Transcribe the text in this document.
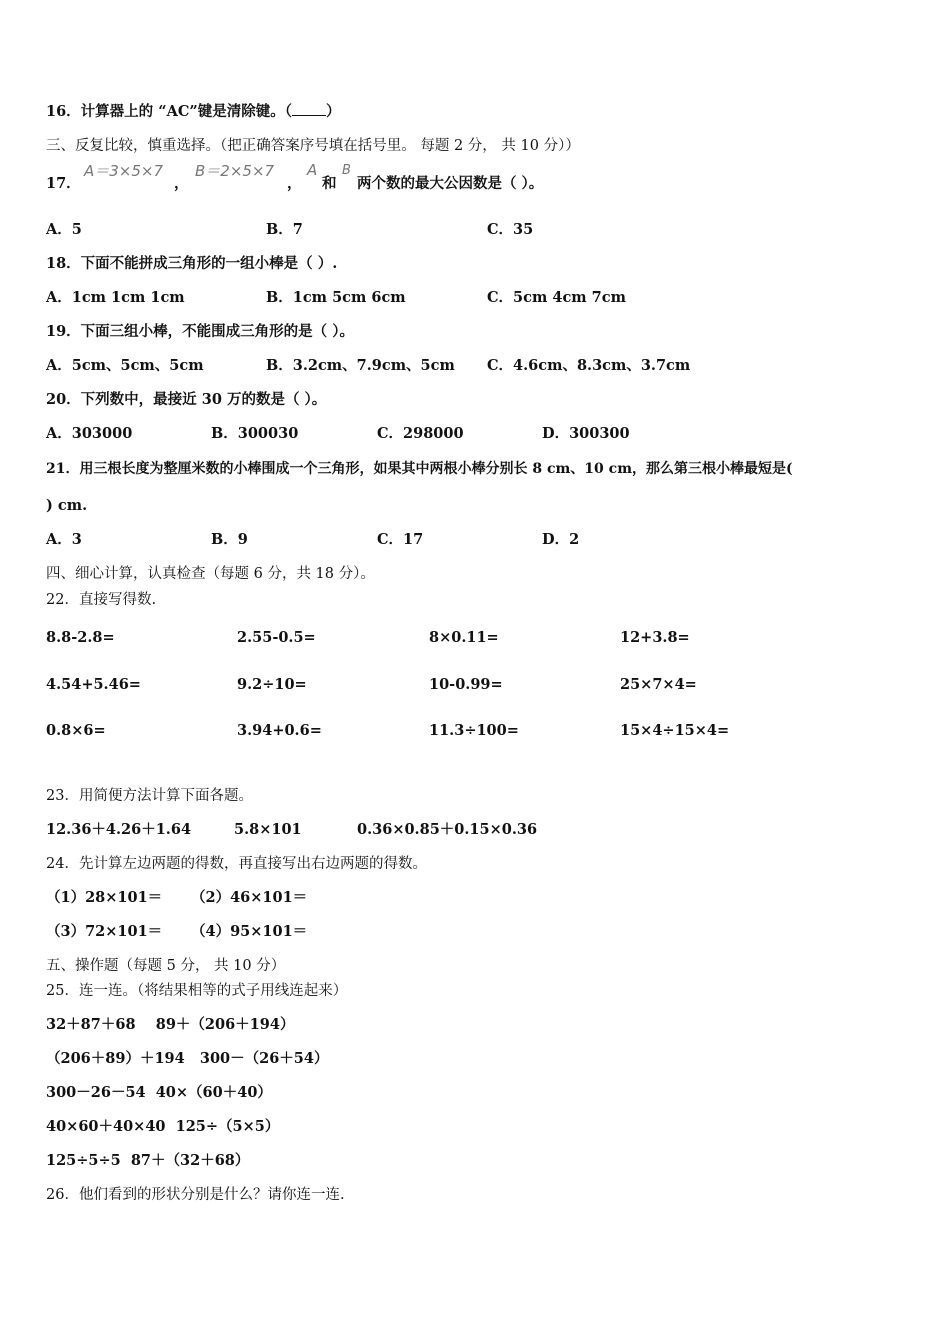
16．计算器上的 “AC”键是清除键。（ ）
三、反复比较，慎重选择。（把正确答案序号填在括号里。 每题 2 分， 共 10 分））
17．
A＝3×5×7
，
B＝2×5×7
，
A
和
B
两个数的最大公因数是（ ）。
A．5	B．7	C．35
18．下面不能拼成三角形的一组小棒是（ ）.
A．1cm 1cm 1cm	B．1cm 5cm 6cm	C．5cm 4cm 7cm
19．下面三组小棒，不能围成三角形的是（ ）。
A．5cm、5cm、5cm	B．3.2cm、7.9cm、5cm C．4.6cm、8.3cm、3.7cm
20．下列数中，最接近 30 万的数是（ ）。
A．303000	B．300030	C．298000	D．300300
21．用三根长度为整厘米数的小棒围成一个三角形，如果其中两根小棒分别长 8 cm、10 cm，那么第三根小棒最短是(
) cm.
A．3	B．9	C．17	D．2
四、细心计算，认真检查（每题 6 分，共 18 分）。
22．直接写得数.
8.8-2.8=	2.55-0.5=	8×0.11=	12+3.8=
4.54+5.46=	9.2÷10=	10-0.99=	25×7×4=
0.8×6=	3.94+0.6=	11.3÷100=	15×4÷15×4=
23．用简便方法计算下面各题。
12.36＋4.26＋1.64	5.8×101	0.36×0.85＋0.15×0.36
24．先计算左边两题的得数，再直接写出右边两题的得数。
（1）28×101＝ （2）46×101＝
（3）72×101＝ （4）95×101＝
五、操作题（每题 5 分， 共 10 分）
25．连一连。（将结果相等的式子用线连起来）
32＋87＋68    89＋（206＋194）
（206＋89）＋194   300－（26＋54）
300－26－54  40×（60＋40）
40×60＋40×40  125÷（5×5）
125÷5÷5  87＋（32＋68）
26．他们看到的形状分别是什么？请你连一连.
